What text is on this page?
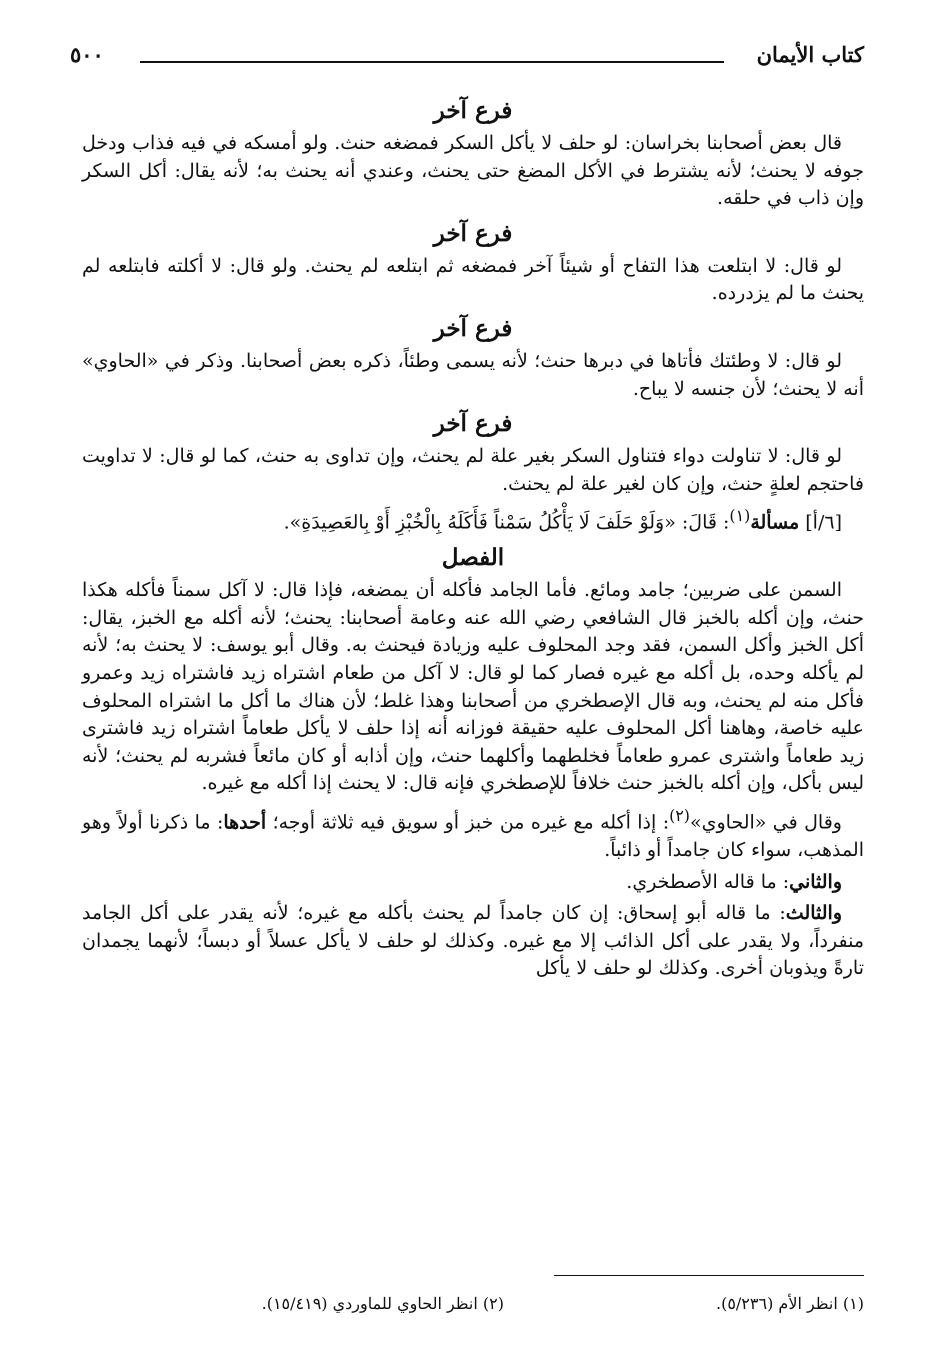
كتاب الأيمان
٥٠٠
فرع آخر

قال بعض أصحابنا بخراسان: لو حلف لا يأكل السكر فمضغه حنث. ولو أمسكه في فيه فذاب ودخل جوفه لا يحنث؛ لأنه يشترط في الأكل المضغ حتى يحنث، وعندي أنه يحنث به؛ لأنه يقال: أكل السكر وإن ذاب في حلقه.

فرع آخر

لو قال: لا ابتلعت هذا التفاح أو شيئاً آخر فمضغه ثم ابتلعه لم يحنث. ولو قال: لا أكلته فابتلعه لم يحنث ما لم يزدرده.

فرع آخر

لو قال: لا وطئتك فأتاها في دبرها حنث؛ لأنه يسمى وطئاً، ذكره بعض أصحابنا. وذكر في «الحاوي» أنه لا يحنث؛ لأن جنسه لا يباح.

فرع آخر

لو قال: لا تناولت دواء فتناول السكر بغير علة لم يحنث، وإن تداوى به حنث، كما لو قال: لا تداويت فاحتجم لعلةٍ حنث، وإن كان لغير علة لم يحنث.

[٦/أ] مسألة$^{(١)}$: قَالَ: «وَلَوْ حَلَفَ لَا يَأْكُلُ سَمْناً فَأَكَلَهُ بِالْخُبْزِ أَوْ بِالعَصِيدَةِ».

الفصل

السمن على ضربين؛ جامد ومائع. فأما الجامد فأكله أن يمضغه، فإذا قال: لا آكل سمناً فأكله هكذا حنث، وإن أكله بالخبز قال الشافعي رضي الله عنه وعامة أصحابنا: يحنث؛ لأنه أكله مع الخبز، يقال: أكل الخبز وأكل السمن، فقد وجد المحلوف عليه وزيادة فيحنث به. وقال أبو يوسف: لا يحنث به؛ لأنه لم يأكله وحده، بل أكله مع غيره فصار كما لو قال: لا آكل من طعام اشتراه زيد فاشتراه زيد وعمرو فأكل منه لم يحنث، وبه قال الإصطخري من أصحابنا وهذا غلط؛ لأن هناك ما أكل ما اشتراه المحلوف عليه خاصة، وهاهنا أكل المحلوف عليه حقيقة فوزانه أنه إذا حلف لا يأكل طعاماً اشتراه زيد فاشترى زيد طعاماً واشترى عمرو طعاماً فخلطهما وأكلهما حنث، وإن أذابه أو كان مائعاً فشربه لم يحنث؛ لأنه ليس بأكل، وإن أكله بالخبز حنث خلافاً للإصطخري فإنه قال: لا يحنث إذا أكله مع غيره.

وقال في «الحاوي»$^{(٢)}$: إذا أكله مع غيره من خبز أو سويق فيه ثلاثة أوجه؛ أحدها: ما ذكرنا أولاً وهو المذهب، سواء كان جامداً أو ذائباً.

والثاني: ما قاله الأصطخري.

والثالث: ما قاله أبو إسحاق: إن كان جامداً لم يحنث بأكله مع غيره؛ لأنه يقدر على أكل الجامد منفرداً، ولا يقدر على أكل الذائب إلا مع غيره. وكذلك لو حلف لا يأكل عسلاً أو دبساً؛ لأنهما يجمدان تارةً ويذوبان أخرى. وكذلك لو حلف لا يأكل

(١) انظر الأم (٥/٢٣٦).
(٢) انظر الحاوي للماوردي (١٥/٤١٩).
